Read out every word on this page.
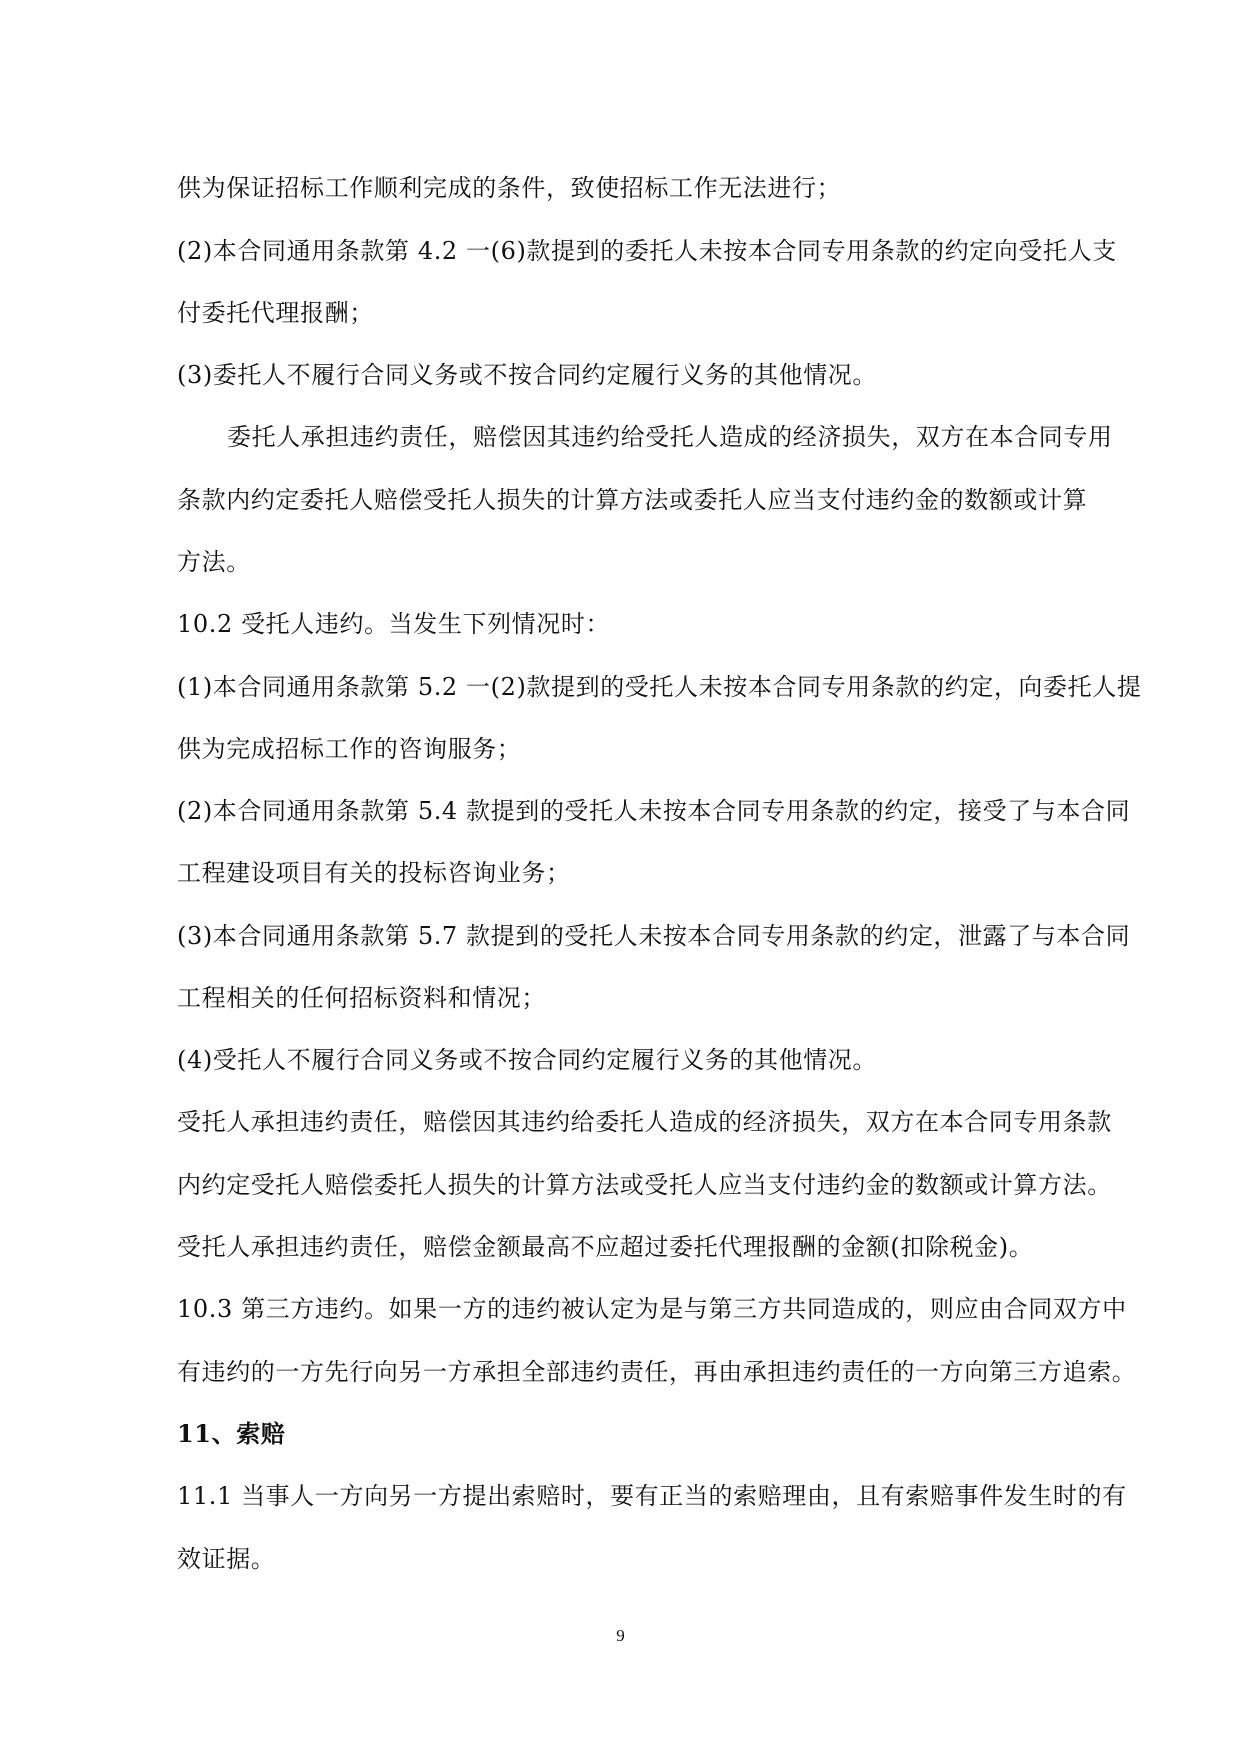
供为保证招标工作顺利完成的条件，致使招标工作无法进行；
(2)本合同通用条款第 4.2 一(6)款提到的委托人未按本合同专用条款的约定向受托人支
付委托代理报酬；
(3)委托人不履行合同义务或不按合同约定履行义务的其他情况。
委托人承担违约责任，赔偿因其违约给受托人造成的经济损失，双方在本合同专用
条款内约定委托人赔偿受托人损失的计算方法或委托人应当支付违约金的数额或计算
方法。
10.2 受托人违约。当发生下列情况时：
(1)本合同通用条款第 5.2 一(2)款提到的受托人未按本合同专用条款的约定，向委托人提
供为完成招标工作的咨询服务；
(2)本合同通用条款第 5.4 款提到的受托人未按本合同专用条款的约定，接受了与本合同
工程建设项目有关的投标咨询业务；
(3)本合同通用条款第 5.7 款提到的受托人未按本合同专用条款的约定，泄露了与本合同
工程相关的任何招标资料和情况；
(4)受托人不履行合同义务或不按合同约定履行义务的其他情况。
受托人承担违约责任，赔偿因其违约给委托人造成的经济损失，双方在本合同专用条款
内约定受托人赔偿委托人损失的计算方法或受托人应当支付违约金的数额或计算方法。
受托人承担违约责任，赔偿金额最高不应超过委托代理报酬的金额(扣除税金)。
10.3 第三方违约。如果一方的违约被认定为是与第三方共同造成的，则应由合同双方中
有违约的一方先行向另一方承担全部违约责任，再由承担违约责任的一方向第三方追索。
11、索赔
11.1 当事人一方向另一方提出索赔时，要有正当的索赔理由，且有索赔事件发生时的有
效证据。
9
